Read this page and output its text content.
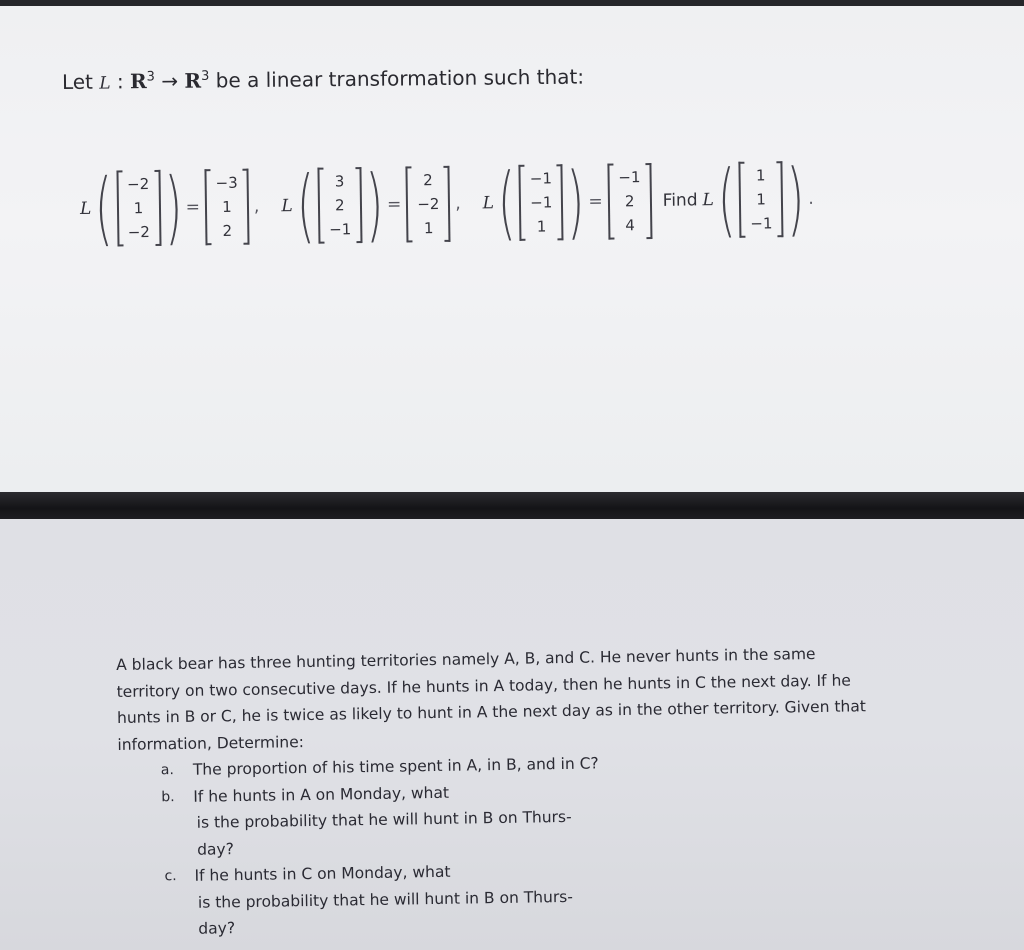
Let L : $R^3 \to R^3$ be a linear transformation such that:
L ( −2
1
−2 ) =
−3
1
2
, L ( 3
2
−1 ) =
2
−2
1
, L ( −1
−1
1 ) =
−1
2
4
Find L ( 1
1
−1 ) .
A black bear has three hunting territories namely A, B, and C. He never hunts in the same
territory on two consecutive days. If he hunts in A today, then he hunts in C the next day. If he
hunts in B or C, he is twice as likely to hunt in A the next day as in the other territory. Given that
information, Determine:
a. The proportion of his time spent in A, in B, and in C?
b. If he hunts in A on Monday, what
is the probability that he will hunt in B on Thurs-
day?
c. If he hunts in C on Monday, what
is the probability that he will hunt in B on Thurs-
day?
